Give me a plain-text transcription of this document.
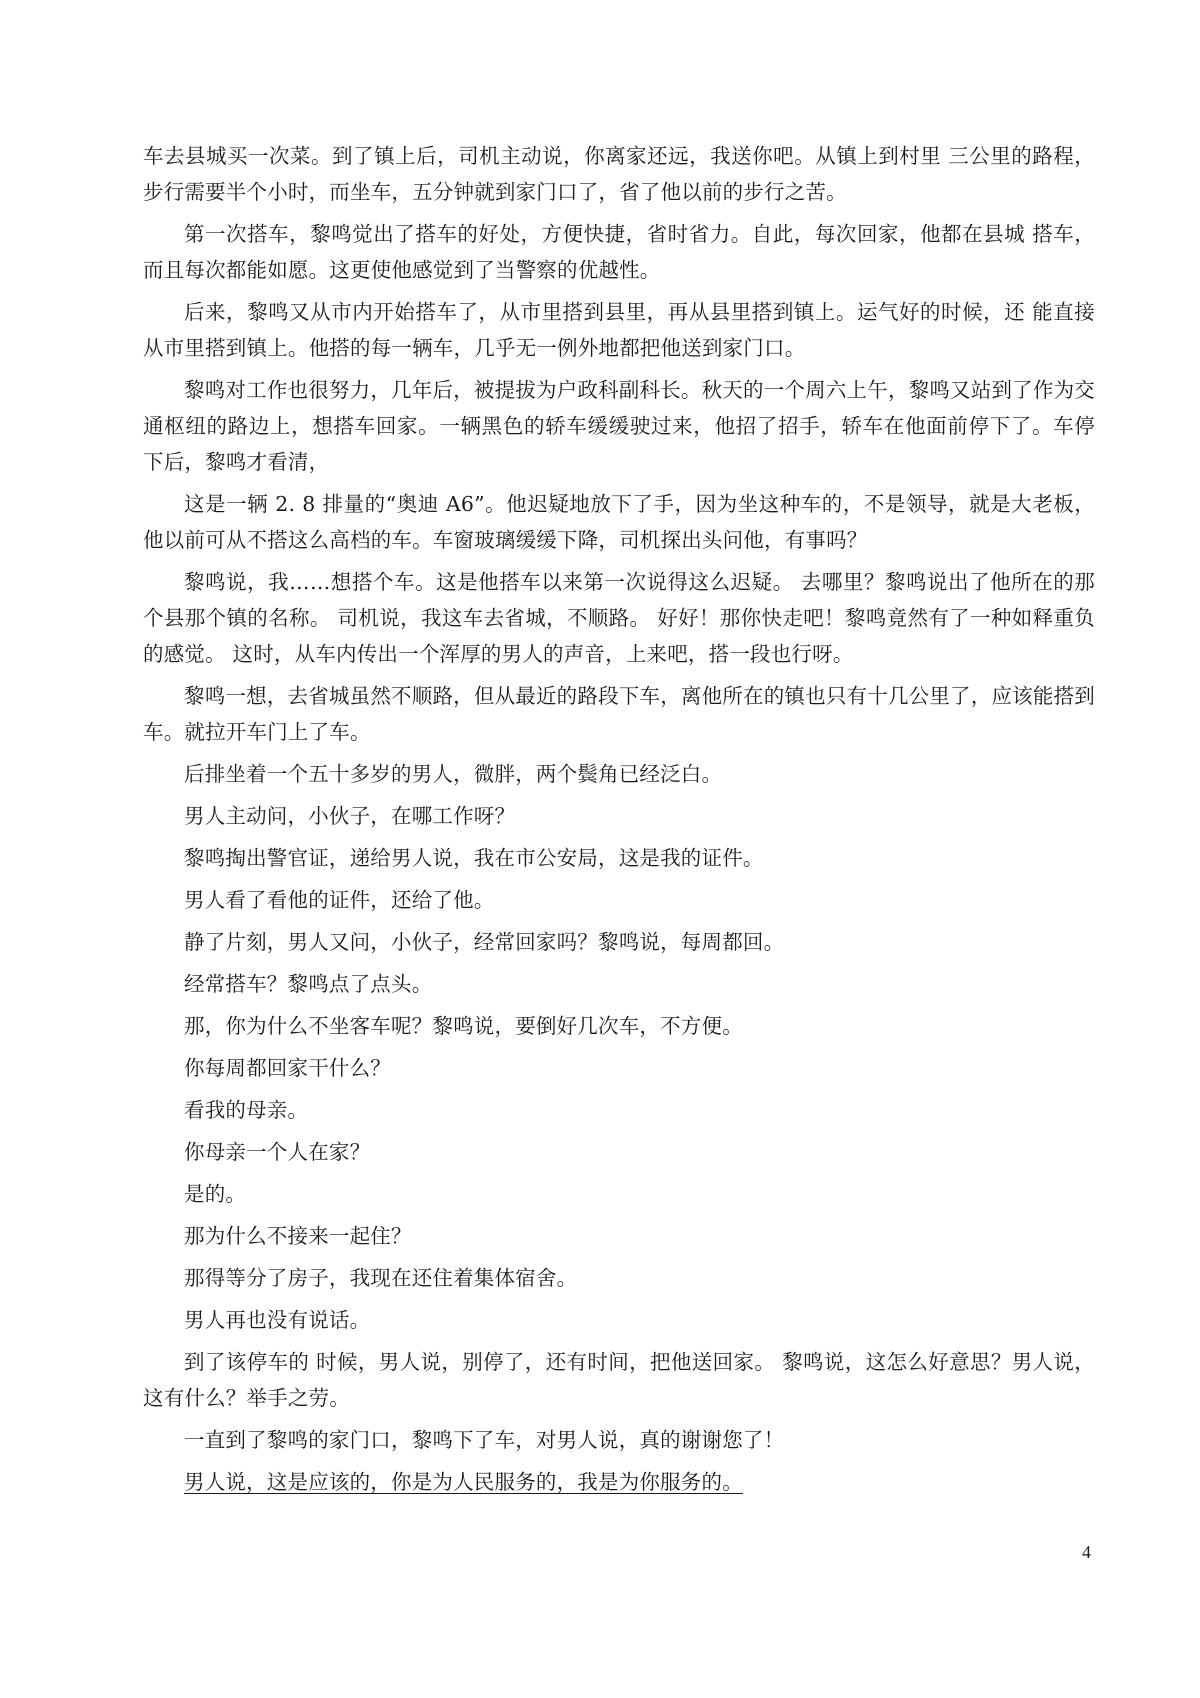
车去县城买一次菜。到了镇上后，司机主动说，你离家还远，我送你吧。从镇上到村里 三公里的路程，步行需要半个小时，而坐车，五分钟就到家门口了，省了他以前的步行之苦。

第一次搭车，黎鸣觉出了搭车的好处，方便快捷，省时省力。自此，每次回家，他都在县城 搭车，而且每次都能如愿。这更使他感觉到了当警察的优越性。

后来，黎鸣又从市内开始搭车了，从市里搭到县里，再从县里搭到镇上。运气好的时候，还 能直接从市里搭到镇上。他搭的每一辆车，几乎无一例外地都把他送到家门口。

黎鸣对工作也很努力，几年后，被提拔为户政科副科长。秋天的一个周六上午，黎鸣又站到了作为交通枢纽的路边上，想搭车回家。一辆黑色的轿车缓缓驶过来，他招了招手，轿车在他面前停下了。车停下后，黎鸣才看清，

这是一辆 2. 8 排量的“奥迪 A6”。他迟疑地放下了手，因为坐这种车的，不是领导，就是大老板， 他以前可从不搭这么高档的车。车窗玻璃缓缓下降，司机探出头问他，有事吗？

黎鸣说，我……想搭个车。这是他搭车以来第一次说得这么迟疑。 去哪里？黎鸣说出了他所在的那个县那个镇的名称。 司机说，我这车去省城，不顺路。 好好！那你快走吧！黎鸣竟然有了一种如释重负的感觉。 这时，从车内传出一个浑厚的男人的声音，上来吧，搭一段也行呀。

黎鸣一想，去省城虽然不顺路，但从最近的路段下车，离他所在的镇也只有十几公里了，应该能搭到车。就拉开车门上了车。

后排坐着一个五十多岁的男人，微胖，两个鬓角已经泛白。

男人主动问，小伙子，在哪工作呀？

黎鸣掏出警官证，递给男人说，我在市公安局，这是我的证件。

男人看了看他的证件，还给了他。

静了片刻，男人又问，小伙子，经常回家吗？黎鸣说，每周都回。

经常搭车？黎鸣点了点头。

那，你为什么不坐客车呢？黎鸣说，要倒好几次车，不方便。

你每周都回家干什么？

看我的母亲。

你母亲一个人在家？

是的。

那为什么不接来一起住？

那得等分了房子，我现在还住着集体宿舍。

男人再也没有说话。

到了该停车的 时候，男人说，别停了，还有时间，把他送回家。 黎鸣说，这怎么好意思？男人说，这有什么？举手之劳。

一直到了黎鸣的家门口，黎鸣下了车，对男人说，真的谢谢您了！

男人说，这是应该的，你是为人民服务的，我是为你服务的。

4
